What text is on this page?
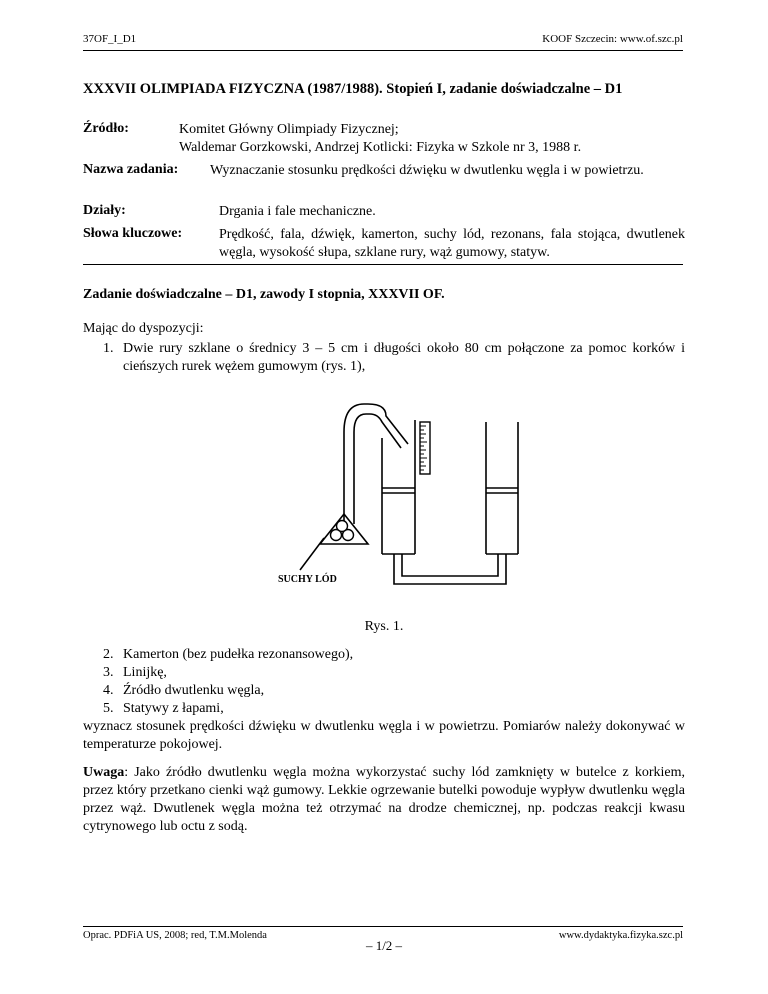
37OF_I_D1	KOOF Szczecin: www.of.szc.pl
XXXVII OLIMPIADA FIZYCZNA (1987/1988). Stopień I, zadanie doświadczalne – D1
Źródło:	Komitet Główny Olimpiady Fizycznej;
Waldemar Gorzkowski, Andrzej Kotlicki: Fizyka w Szkole nr 3, 1988 r.
Nazwa zadania: Wyznaczanie stosunku prędkości dźwięku w dwutlenku węgla i w powietrzu.
Działy:	Drgania i fale mechaniczne.
Słowa kluczowe:	Prędkość, fala, dźwięk, kamerton, suchy lód, rezonans, fala stojąca, dwutlenek węgla, wysokość słupa, szklane rury, wąż gumowy, statyw.
Zadanie doświadczalne – D1, zawody I stopnia, XXXVII OF.
Mając do dyspozycji:
1. Dwie rury szklane o średnicy 3 – 5 cm i długości około 80 cm połączone za pomoc korków i cieńszych rurek wężem gumowym (rys. 1),
SUCHY LÓD
Rys. 1.
2. Kamerton (bez pudełka rezonansowego),
3. Linijkę,
4. Źródło dwutlenku węgla,
5. Statywy z łapami,
wyznacz stosunek prędkości dźwięku w dwutlenku węgla i w powietrzu. Pomiarów należy dokonywać w temperaturze pokojowej.
Uwaga: Jako źródło dwutlenku węgla można wykorzystać suchy lód zamknięty w butelce z korkiem, przez który przetkano cienki wąż gumowy. Lekkie ogrzewanie butelki powoduje wypływ dwutlenku węgla przez wąż. Dwutlenek węgla można też otrzymać na drodze chemicznej, np. podczas reakcji kwasu cytrynowego lub octu z sodą.
Oprac. PDFiA US, 2008; red, T.M.Molenda
– 1/2 –
www.dydaktyka.fizyka.szc.pl
